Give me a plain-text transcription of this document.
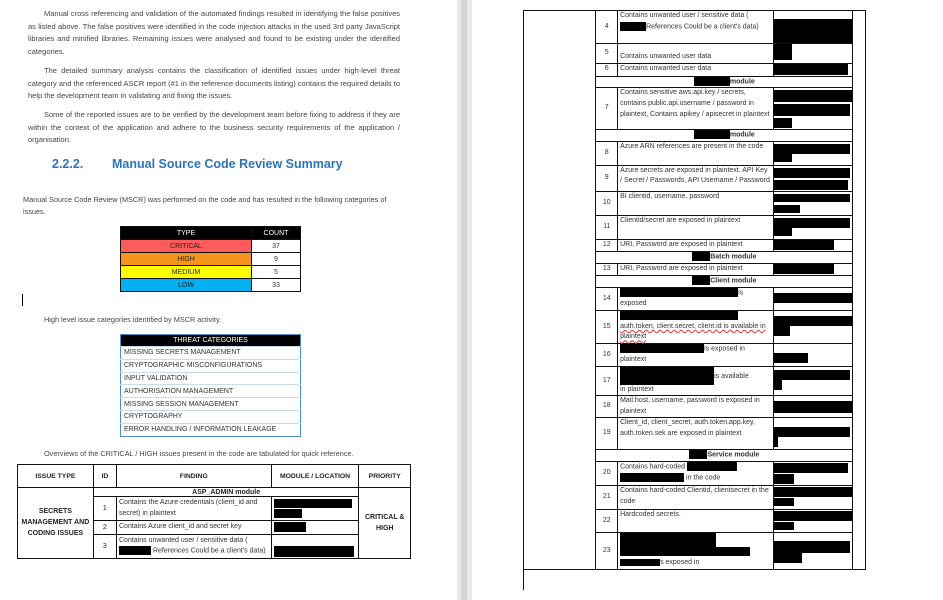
Manual cross referencing and validation of the automated findings resulted in identifying the false positives as listed above. The false positives were identified in the code injection attacks in the used 3rd party JavaScript libraries and minified libraries. Remaining issues were analysed and found to be existing under the identified categories.

The detailed summary analysis contains the classification of identified issues under high-level threat category and the referenced ASCR report (#1 in the reference documents listing) contains the required details to help the development team in validating and fixing the issues.

Some of the reported issues are to be verified by the development team before fixing to address if they are within the context of the application and adhere to the business security requirements of the application / organisation.

2.2.2. Manual Source Code Review Summary

Manual Source Code Review (MSCR) was performed on the code and has resulted in the following categories of issues.

TYPE	COUNT
CRITICAL	37
HIGH	9
MEDIUM	5
LOW	33

High level issue categories identified by MSCR activity.

THREAT CATEGORIES
MISSING SECRETS MANAGEMENT
CRYPTOGRAPHIC MISCONFIGURATIONS
INPUT VALIDATION
AUTHORISATION MANAGEMENT
MISSING SESSION MANAGEMENT
CRYPTOGRAPHY
ERROR HANDLING / INFORMATION LEAKAGE

Overviews of the CRITICAL / HIGH issues present in the code are tabulated for quick reference.

ISSUE TYPE	ID	FINDING	MODULE / LOCATION	PRIORITY
SECRETS MANAGEMENT AND CODING ISSUES	ASP_ADMIN module			CRITICAL & HIGH
	1	Contains the Azure credentials (client_id and secret) in plaintext		

	2	Contains Azure client_id and secret key		

	3	Contains unwanted user / sensitive data ( References Could be a client's data)		
	4	Contains unwanted user / sensitive data (References Could be a client's data)		
	5	Contains unwanted user data		
	6	Contains unwanted user data		
	module			
	7	Contains sensitive aws.api.key / secrets, contains public.api.username / password in plaintext, Contains apikey / apisecret in plaintext		

	module			
	8	Azure ARN references are present in the code		

	9	Azure secrets are exposed in plaintext. API Key / Secret / Passwords, API Username / Password		

	10	BI clientid, username, password		

	11	Clientid/secret are exposed in plaintext		

	12	URI, Password are exposed in plaintext		
	Batch module			
	13	URI, Password are exposed in plaintext		
	Client module			
	14	is
exposed		
	15	auth.token, client.secret, client.id is available in plaintext		

	16	is exposed in
plaintext		
	17	is available
in plaintext		

	18	Mail.host, username, password is exposed in plaintext		
	19	Client_id, client_secret, auth.token.app.key, auth.token.sek are exposed in plaintext		

	Service module			
	20	Contains hard-coded
in the code		

	21	Contains hard-coded Clientid, clientsecret in the code		

	22	Hardcoded secrets.		

	23	s exposed in		
